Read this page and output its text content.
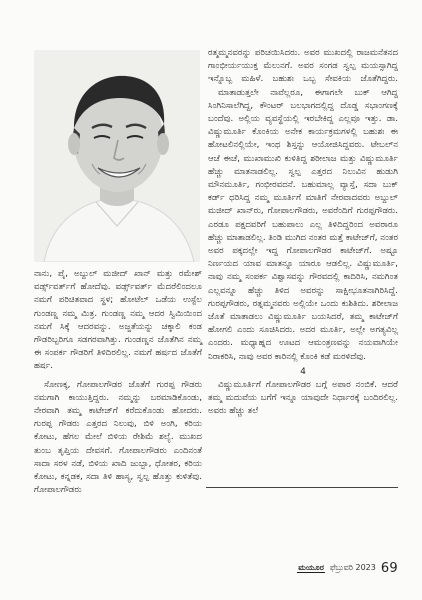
ನಾನು, ಪೈ, ಅಬ್ದುಲ್ ಮಜೀದ್ ಖಾನ್ ಮತ್ತು ರಮೇಶ್ ವರ್ಡ್ಸ್‌ವರ್ತ್‌ಗೆ ಹೋದೆವು. ವರ್ಡ್ಸ್‌ವರ್ತ್ ಮೆದರೆಲಿಂದಲೂ ನಮಗೆ ಪರಿಚಿತವಾದ ಸ್ಥಳ; ಹೋಟೆಲ್ ಒಡೆಯ ಉಸ್ಟೆಲ ಗುಂಡಣ್ಣ ನಮ್ಮ ಮಿತ್ರ. ಗುಂಡಣ್ಣ ನಮ್ಮ ಆದರ ಸ್ವಿಮಿಯಿಂದ ನಮಗೆ ಸಿಕ್ಕೆ ಆದರವನ್ನು. ಅಜ್ಜತೆಯನ್ನು ಚಕ್ಕಾಲಿ ಕಂಡ ಗೌಡರಿಬ್ಬರಿಗೂ ಸಡಗರವಾಗಿತ್ತು. ಗುಂಡಣ್ಣನ ಜೊತೆಗಿನ ನಮ್ಮ ಈ ಸಂಪರ್ಕ ಗೌಡರಿಗೆ ತಿಳಿದಿರಲಿಲ್ಲ. ನಮಗೆ ಹರ್ಷದ ಜೊತೆಗೆ ಹರ್ಷ.

ಸೋಣಕ್ಕ, ಗೋಪಾಲಗೌಡರ ಜೊತೆಗೆ ಗುರಪ್ಪ ಗೌಡರು ನಮಗಾಗಿ ಕಾಯುತ್ತಿದ್ದರು. ನಮ್ಮನ್ನು ಬರಮಾಡಿಕೊಂಡು, ನೇರವಾಗಿ ತಮ್ಮ ಕಾಟೇಜ್‌ಗೆ ಕರೆದುಕೊಂಡು ಹೋದರು. ಗುರಪ್ಪ ಗೌಡರು ಎತ್ತರದ ನಿಲುವು, ಬಿಳಿ ಅಂಗಿ, ಕರಿಯ ಕೋಟು, ಹೆಗಲ ಮೇಲೆ ಬಿಳಿಯ ರೇಶಿಮೆ ಶಲ್ಯೆ. ಮುಖದ ತುಂಬ ತೃಪ್ತಿಯ ದೇವಸಗೆ. ಗೋಪಾಲಗೌಡರು ಎಂದಿನಂತೆ ಸಾದಾ ಸರಳ ನಡೆ, ಬಿಳಿಯ ಖಾದಿ ಜುಬ್ಬಾ, ಧೋತರ, ಕರಿಯ ಕೋಟು, ಕನ್ನಡಕ, ಸದಾ ತಿಳಿ ಹಾಸ್ಯ, ಸ್ವಲ್ಪ ಹೊತ್ತು ಕುಳಿತೆವು. ಗೋಪಾಲಗೌಡರು

ರತ್ಮಮ್ಮನವರನ್ನು ಪರಿಚಯಿಸಿದರು. ಅವರ ಮುಖದಲ್ಲಿ ರಾಜಮನೆತನದ ಗಾಂಭೀರ್ಯಯುಕ್ತ ಮೆಲುನಗೆ. ಅವರ ಸಂಗಡ ಸ್ವಲ್ಪ ಮಯಸ್ಸಾಗಿದ್ದ ಇನ್ನೊಬ್ಬ ಮಹಿಳೆ. ಬಹುಶಃ ಒಬ್ಬ ಸೇವಕಿಯ ಜೊತೆಗಿದ್ದರು.

ಮಾತಾಡುತ್ತಲೇ ನಾವೆಲ್ಲರೂ, ಈಗಾಗಲೇ ಬುಕ್ ಆಗಿದ್ದ ಸಿಂಗಿನಿಸಾಲೆಗಿದ್ದ, ಕೌಂಟರ್ ಬಲಭಾಗದಲ್ಲಿದ್ದ ದೊಡ್ಡ ಸಭಾಂಗಣಕ್ಕೆ ಬಂದೆವು. ಅಲ್ಲಿಯ ವ್ಯವಸ್ಥೆಯಲ್ಲಿ ಇರಬೇಕಿದ್ದ ಎಲ್ಲವೂ ಇತ್ತು. ಡಾ. ವಿಷ್ಣುಮೂರ್ತಿ ಕೊಂಕಿಯ ಅನೇಕ ಕಾರ್ಯಕ್ರಮಗಳಲ್ಲಿ ಬಹುಶಃ ಈ ಹೋಟಲಿನಲ್ಲಿಯೇ, ಇಂಥ ಶಿಸ್ತನ್ನು ಆಯೋಜಿಸಿದ್ದವರು. ಟೇಬಲ್‌ನ ಆಚೆ ಈಚೆ, ಮುಖಾಮುಖಿ ಕುಳಿತಿದ್ದ ಶರೀಲಾಜ ಮತ್ತು ವಿಷ್ಣುಮೂರ್ತಿ ಹೆಚ್ಚು ಮಾತನಾಡಲಿಲ್ಲ. ಸ್ವಲ್ಪ ಎತ್ತರದ ನಿಲುವಿನ ಹುಡುಗಿ ಮೌನಮೂರ್ತಿ, ಗಂಭೀರವದನೆ. ಬಹುಮಾಲ್ಲ ವ್ಯಾಸ್ತೆ, ಸದಾ ಬುಕ್ ಕರ್ಡ್ ಧರಿಸಿದ್ದ ನಮ್ಮ ಮೂರ್ತಿಗೆ ಮಾತಿಗೆ ನೇರವಾದವರು ಅಬ್ದುಲ್ ಮಜೀದ್ ಖಾನ್‌ರು, ಗೋಪಾಲಗೌಡರು, ಅವರೆಂದಿಗೆ ಗುರಪ್ಪಗೌಡರು. ಎರಡೂ ಪಕ್ಷದವರಿಗೆ ಬಹುಪಾಲು ಎಲ್ಲ ತಿಳಿದಿದ್ದರಿಂದ ಅವರಾರೂ ಹೆಚ್ಚು ಮಾತಾಡಲಿಲ್ಲ. ತಿಂಡಿ ಮುಗಿದ ನಂತರ ಮತ್ತೆ ಕಾಟೇಜ್‌ಗೆ, ನಂತರ ಅವರ ಪಕ್ಕದಲ್ಲೇ ಇದ್ದ ಗೋಪಾಲಗೌಡರ ಕಾಟೇಜ್‌ಗೆ. ಅಷ್ಟೂ ನಿರ್ಣಯದ ಯಾವ ಮಾತನ್ನೂ ಯಾರೂ ಆಡಲಿಲ್ಲ. ವಿಷ್ಣುಮೂರ್ತಿ, ನಾವು ನಮ್ಮ ಸಂಪರ್ಕ ವಿಶ್ವಾಸವನ್ನು ಗೌರವದಲ್ಲಿ ಕಾದಿರಿಸಿ, ನಮಗಿಂತ ಎಲ್ಲವನ್ನೂ ಹೆಚ್ಚು ತಿಳಿದ ಅವರನ್ನು ಸಾಕ್ಷೀಭೂತನಾಗಿರಿಸಿದ್ದೆ. ಗುರಪ್ಪಗೌಡರು, ರತ್ನಮ್ಮನವರು ಅಲ್ಲಿಯೇ ಒಂದು ಕುಶಿತಿದು. ಶರೀಲಾಜ ಜೊತೆ ಮಾತಾಡಲು ವಿಷ್ಣುಮೂರ್ತಿ ಬಯಸಿದರೆ, ತಮ್ಮ ಕಾಟೇಜ್‌ಗೆ ಹೋಗಲಿ ಎಂದು ಸೂಚಿಸಿದರು. ಅದರ ಮೂರ್ತಿ, ಅಲ್ಲೇ ಅಗತ್ಯವಿಲ್ಲ ಎಂದರು. ಮಧ್ಯಾಹ್ನದ ಊಟದ ಆಮಂತ್ರಣವನ್ನು ನಯವಾಗಿಯೇ ನಿರಾಕರಿಸಿ, ನಾವು ಅವರ ಕಾರಿನಲ್ಲಿ ಕೊಂಕಿ ಕಡೆ ಮರಳಿದೆವು.

4

ವಿಷ್ಣುಮೂರ್ತಿಗೆ ಗೋಪಾಲಗೌಡರ ಬಗ್ಗೆ ಅಪಾರ ನಂಬಿಕೆ. ಆದರೆ ತಮ್ಮ ಮದುವೆಯ ಬಗೆಗೆ ಇನ್ನೂ ಯಾವುದೇ ನಿರ್ಧಾರಕ್ಕೆ ಬಂದಿರಲಿಲ್ಲ. ಅವರು ಹೆಚ್ಚು ತಲೆ

ಮಯೂರ ಫೆಬ್ರುವರಿ 2023 69
